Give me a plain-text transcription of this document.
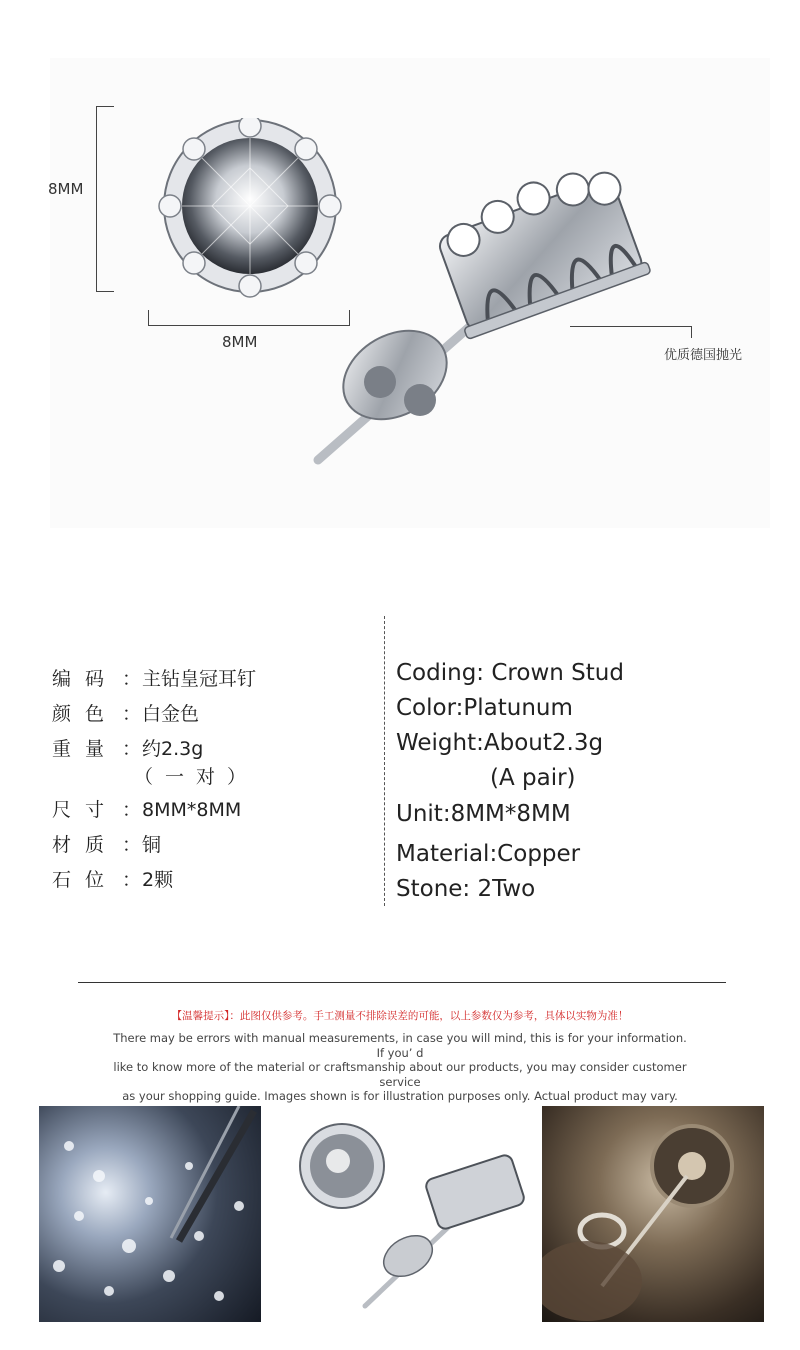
8MM
8MM
优质德国抛光
编码 ：主钻皇冠耳钉
颜色 ：白金色
重量 ：约2.3g
（一对）
尺寸 ：8MM*8MM
材质 ：铜
石位 ：2颗
Coding: Crown Stud
Color:Platunum
Weight:About2.3g
(A pair)
Unit:8MM*8MM
Material:Copper
Stone: 2Two
【温馨提示】：此图仅供参考。手工测量不排除误差的可能，以上参数仅为参考，具体以实物为准！
There may be errors with manual measurements, in case you will mind, this is for your information. If you’ d
like to know more of the material or craftsmanship about our products, you may consider customer service
as your shopping guide. Images shown is for illustration purposes only. Actual product may vary.
